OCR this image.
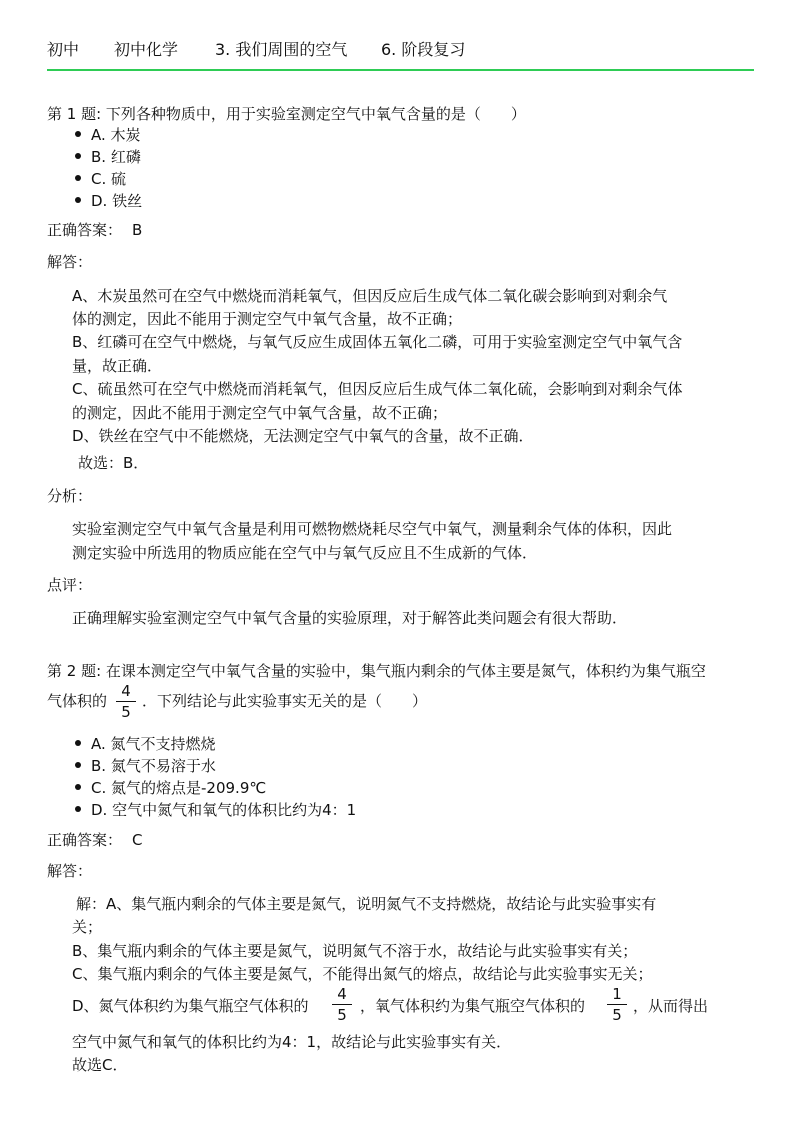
初中 初中化学 3. 我们周围的空气 6. 阶段复习
第 1 题: 下列各种物质中，用于实验室测定空气中氧气含量的是（　　）
A. 木炭
B. 红磷
C. 硫
D. 铁丝
正确答案： B
解答：
A、木炭虽然可在空气中燃烧而消耗氧气，但因反应后生成气体二氧化碳会影响到对剩余气
体的测定，因此不能用于测定空气中氧气含量，故不正确；
B、红磷可在空气中燃烧，与氧气反应生成固体五氧化二磷，可用于实验室测定空气中氧气含
量，故正确．
C、硫虽然可在空气中燃烧而消耗氧气，但因反应后生成气体二氧化硫，会影响到对剩余气体
的测定，因此不能用于测定空气中氧气含量，故不正确；
D、铁丝在空气中不能燃烧，无法测定空气中氧气的含量，故不正确．
故选：B．
分析：
实验室测定空气中氧气含量是利用可燃物燃烧耗尽空气中氧气，测量剩余气体的体积，因此
测定实验中所选用的物质应能在空气中与氧气反应且不生成新的气体．
点评：
正确理解实验室测定空气中氧气含量的实验原理，对于解答此类问题会有很大帮助．
第 2 题: 在课本测定空气中氧气含量的实验中，集气瓶内剩余的气体主要是氮气，体积约为集气瓶空
气体积的 $\frac{4}{5}$ ．下列结论与此实验事实无关的是（　　）
A. 氮气不支持燃烧
B. 氮气不易溶于水
C. 氮气的熔点是-209.9℃
D. 空气中氮气和氧气的体积比约为4：1
正确答案： C
解答：
解：A、集气瓶内剩余的气体主要是氮气，说明氮气不支持燃烧，故结论与此实验事实有
关；
B、集气瓶内剩余的气体主要是氮气，说明氮气不溶于水，故结论与此实验事实有关；
C、集气瓶内剩余的气体主要是氮气，不能得出氮气的熔点，故结论与此实验事实无关；
D、氮气体积约为集气瓶空气体积的 $\frac{4}{5}$ ，氧气体积约为集气瓶空气体积的 $\frac{1}{5}$ ，从而得出
空气中氮气和氧气的体积比约为4：1，故结论与此实验事实有关．
故选C．
